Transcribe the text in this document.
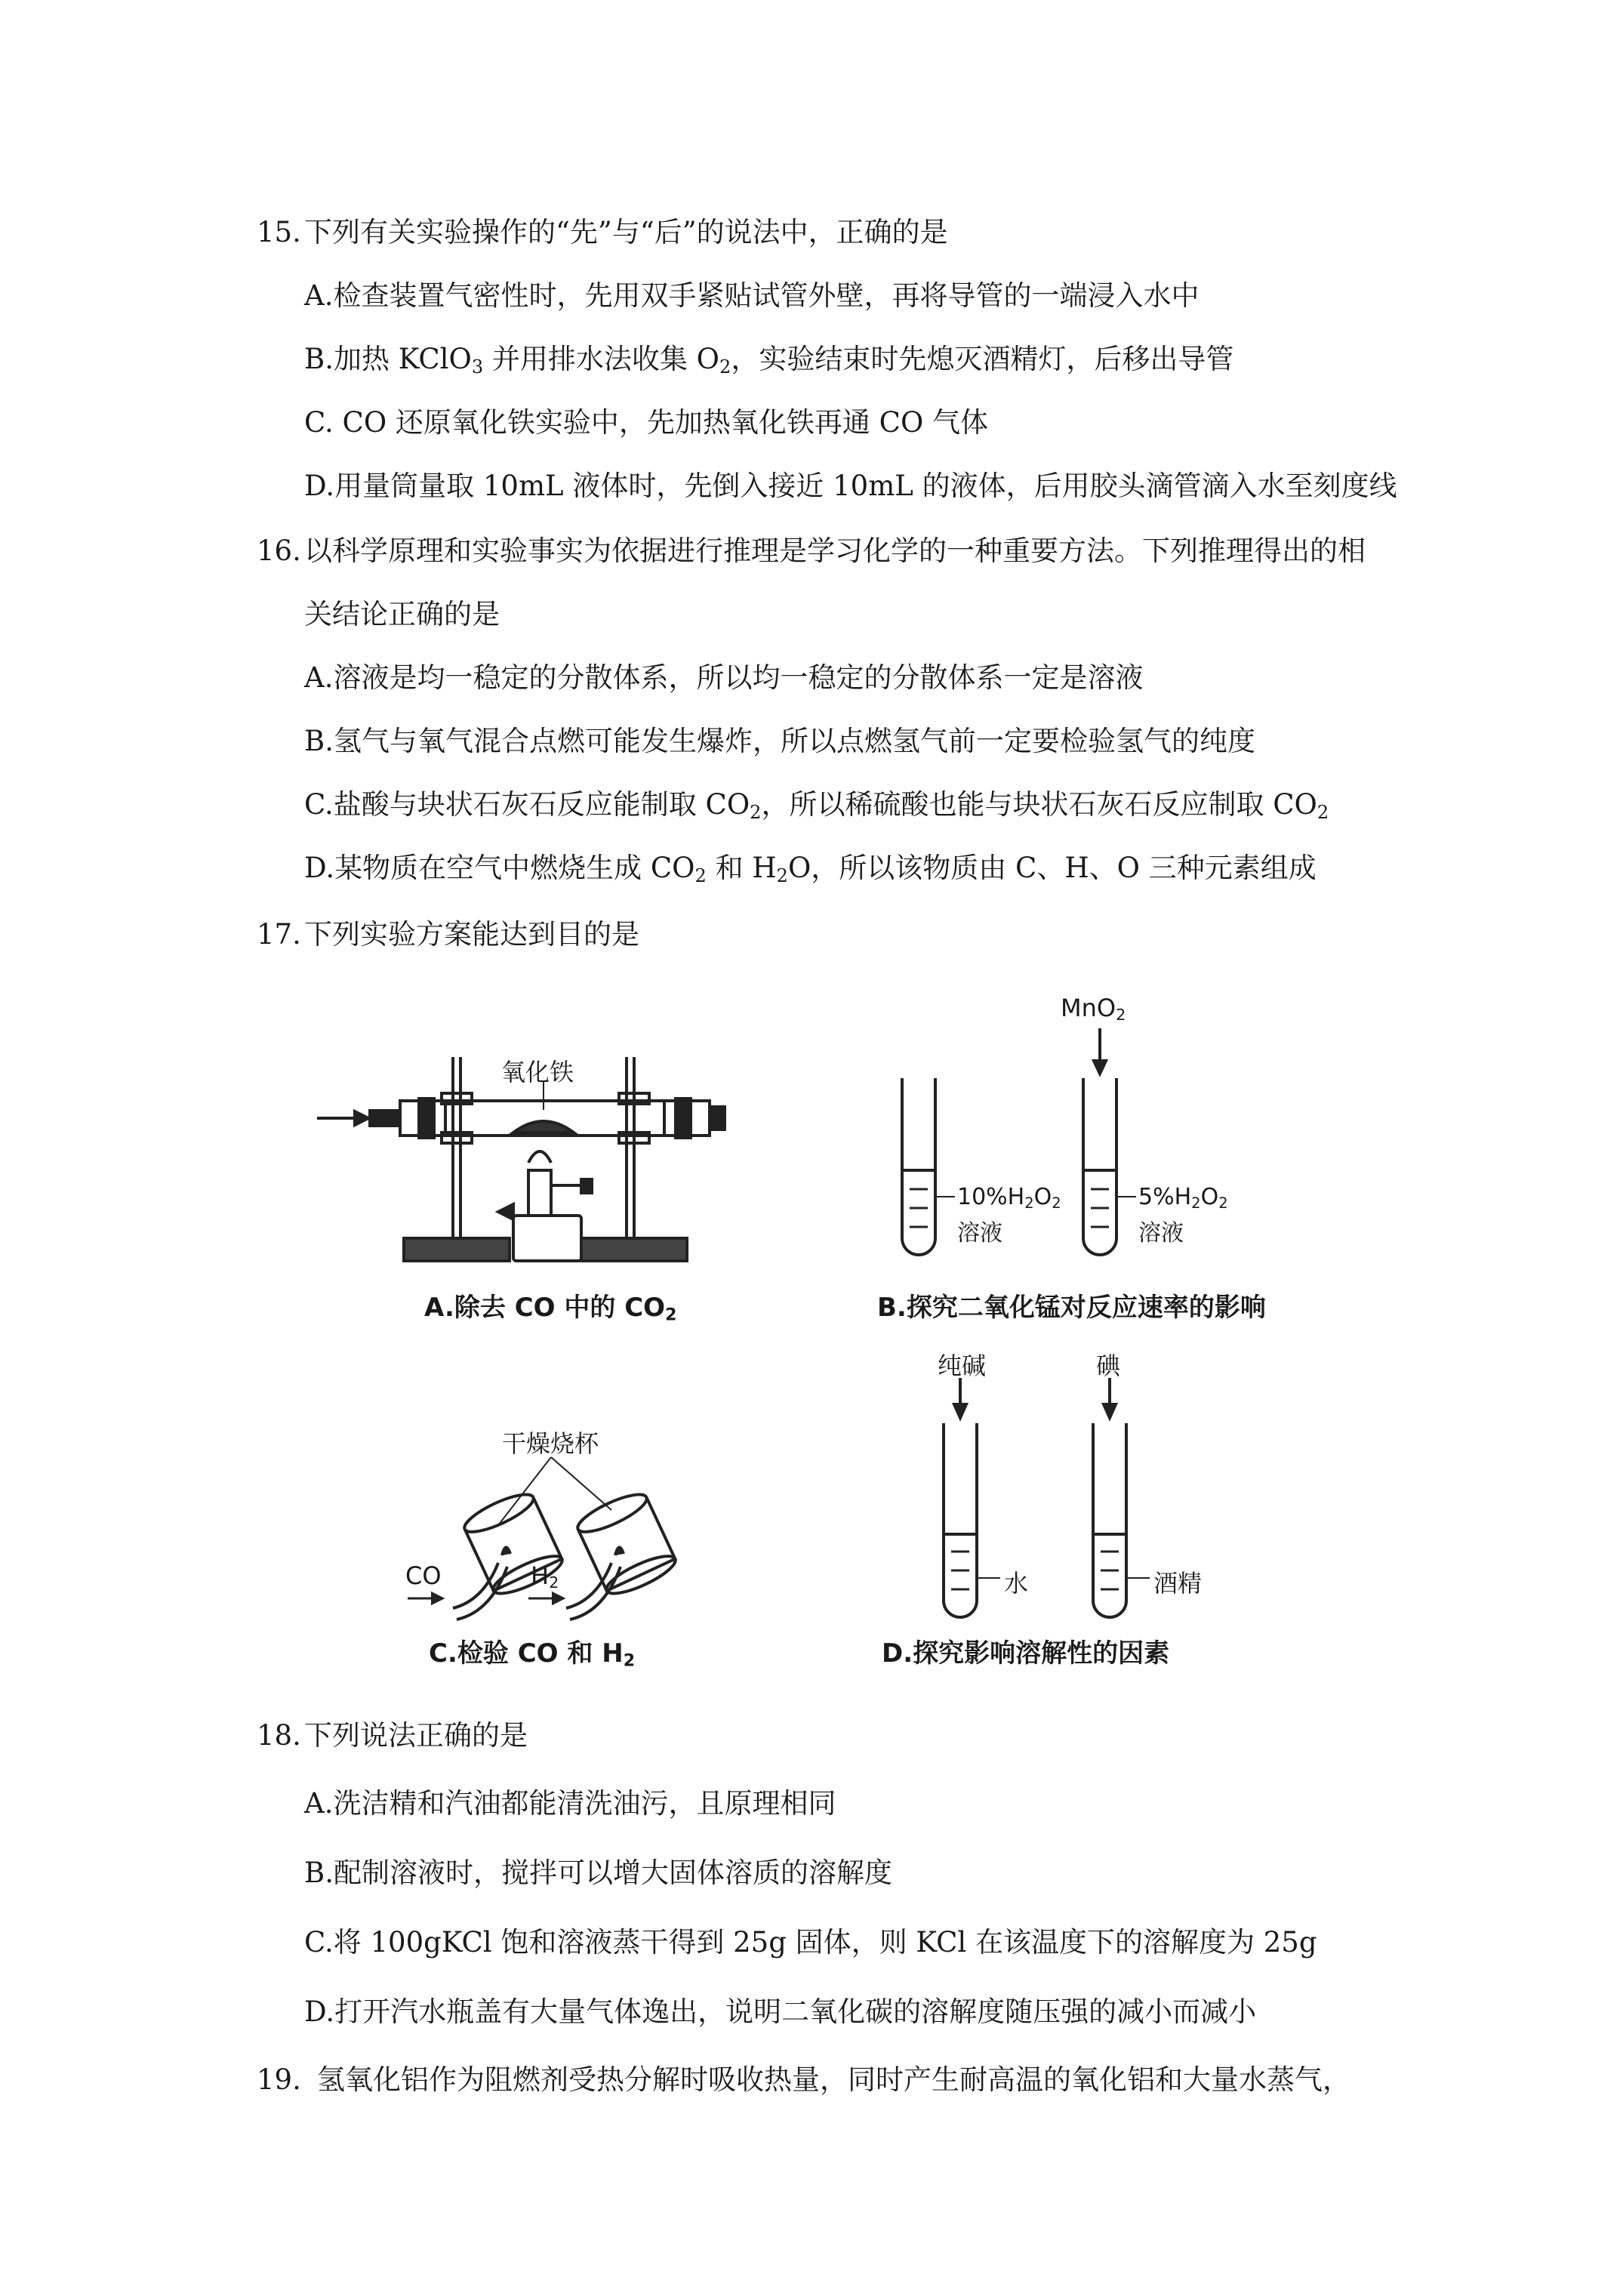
15. 下列有关实验操作的“先”与“后”的说法中，正确的是
A.检查装置气密性时，先用双手紧贴试管外壁，再将导管的一端浸入水中
B.加热 KClO$_3$ 并用排水法收集 $O_2$，实验结束时先熄灭酒精灯，后移出导管
C. CO 还原氧化铁实验中，先加热氧化铁再通 CO 气体
D.用量筒量取 10mL 液体时，先倒入接近 10mL 的液体，后用胶头滴管滴入水至刻度线
16. 以科学原理和实验事实为依据进行推理是学习化学的一种重要方法。下列推理得出的相
关结论正确的是
A.溶液是均一稳定的分散体系，所以均一稳定的分散体系一定是溶液
B.氢气与氧气混合点燃可能发生爆炸，所以点燃氢气前一定要检验氢气的纯度
C.盐酸与块状石灰石反应能制取 $CO_2$，所以稀硫酸也能与块状石灰石反应制取 $CO_2$
D.某物质在空气中燃烧生成 $CO_2$ 和 $H_2O$，所以该物质由 C、H、O 三种元素组成
17. 下列实验方案能达到目的是
氧化铁
A.除去 CO 中的 $CO_2$
MnO$_2$
$10\%H_2O_2$
溶液
$5\%H_2O_2$
溶液
B.探究二氧化锰对反应速率的影响
干燥烧杯
CO	$H_2$
C.检验 CO 和 $H_2$
纯碱	碘
水	酒精
D.探究影响溶解性的因素
18. 下列说法正确的是
A.洗洁精和汽油都能清洗油污，且原理相同
B.配制溶液时，搅拌可以增大固体溶质的溶解度
C.将 100gKCl 饱和溶液蒸干得到 25g 固体，则 KCl 在该温度下的溶解度为 25g
D.打开汽水瓶盖有大量气体逸出，说明二氧化碳的溶解度随压强的减小而减小
19. 氢氧化铝作为阻燃剂受热分解时吸收热量，同时产生耐高温的氧化铝和大量水蒸气，
